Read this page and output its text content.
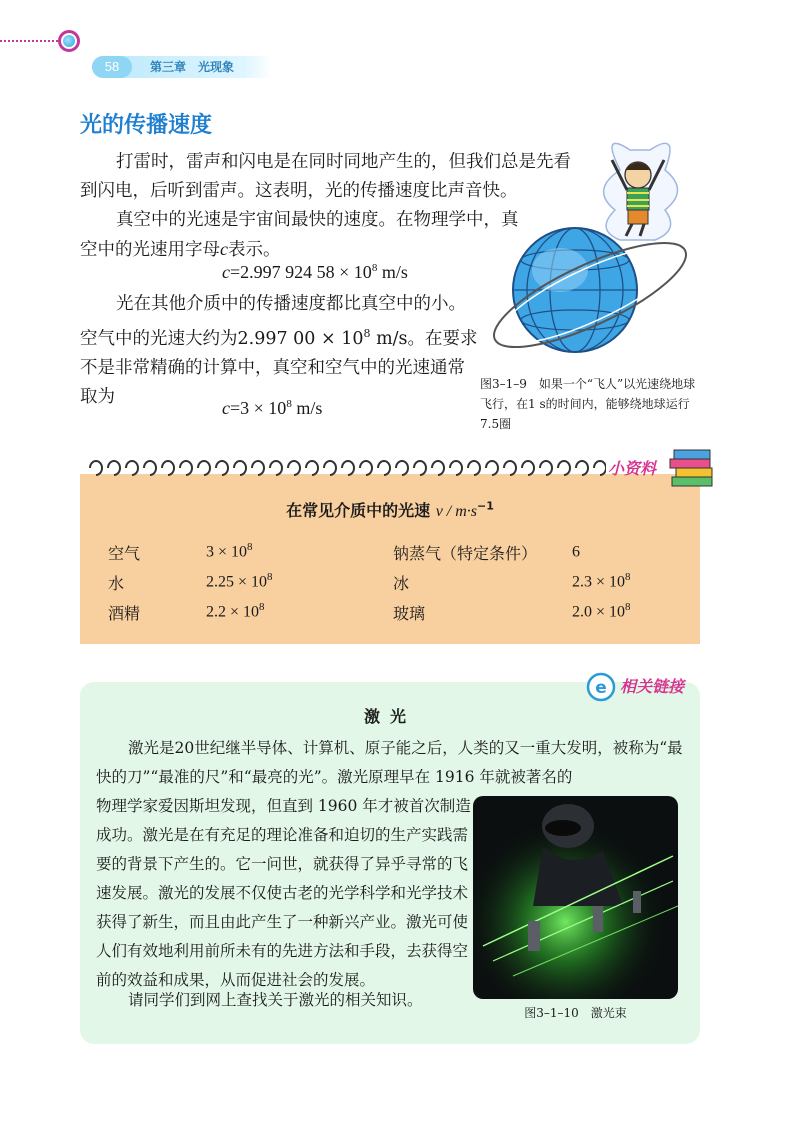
58	第三章　光现象
光的传播速度
打雷时，雷声和闪电是在同时同地产生的，但我们总是先看到闪电，后听到雷声。这表明，光的传播速度比声音快。
真空中的光速是宇宙间最快的速度。在物理学中，真空中的光速用字母c表示。
c=2.997 924 $58 \times 10^8$ m/s
光在其他介质中的传播速度都比真空中的小。空气中的光速大约为2.997 $00 \times 10^8$ m/s。在要求不是非常精确的计算中，真空和空气中的光速通常取为
$c=3 \times 10^8$ m/s
图3–1–9　如果一个“飞人”以光速绕地球飞行，在1 s的时间内，能够绕地球运行7.5圈
小资料
在常见介质中的光速 $v / m\cdot s^{-1}$
空气	$3 \times 10^8$	钠蒸气（特定条件） 6
水	$2.25 \times 10^8$	冰	$2.3 \times 10^8$
酒精	$2.2 \times 10^8$	玻璃	$2.0 \times 10^8$
e 相关链接
激光
激光是20世纪继半导体、计算机、原子能之后，人类的又一重大发明，被称为“最快的刀”“最准的尺”和“最亮的光”。激光原理早在 1916 年就被著名的
物理学家爱因斯坦发现，但直到 1960 年才被首次制造成功。激光是在有充足的理论准备和迫切的生产实践需要的背景下产生的。它一问世，就获得了异乎寻常的飞速发展。激光的发展不仅使古老的光学科学和光学技术获得了新生，而且由此产生了一种新兴产业。激光可使人们有效地利用前所未有的先进方法和手段，去获得空前的效益和成果，从而促进社会的发展。
请同学们到网上查找关于激光的相关知识。
图3–1–10　激光束
